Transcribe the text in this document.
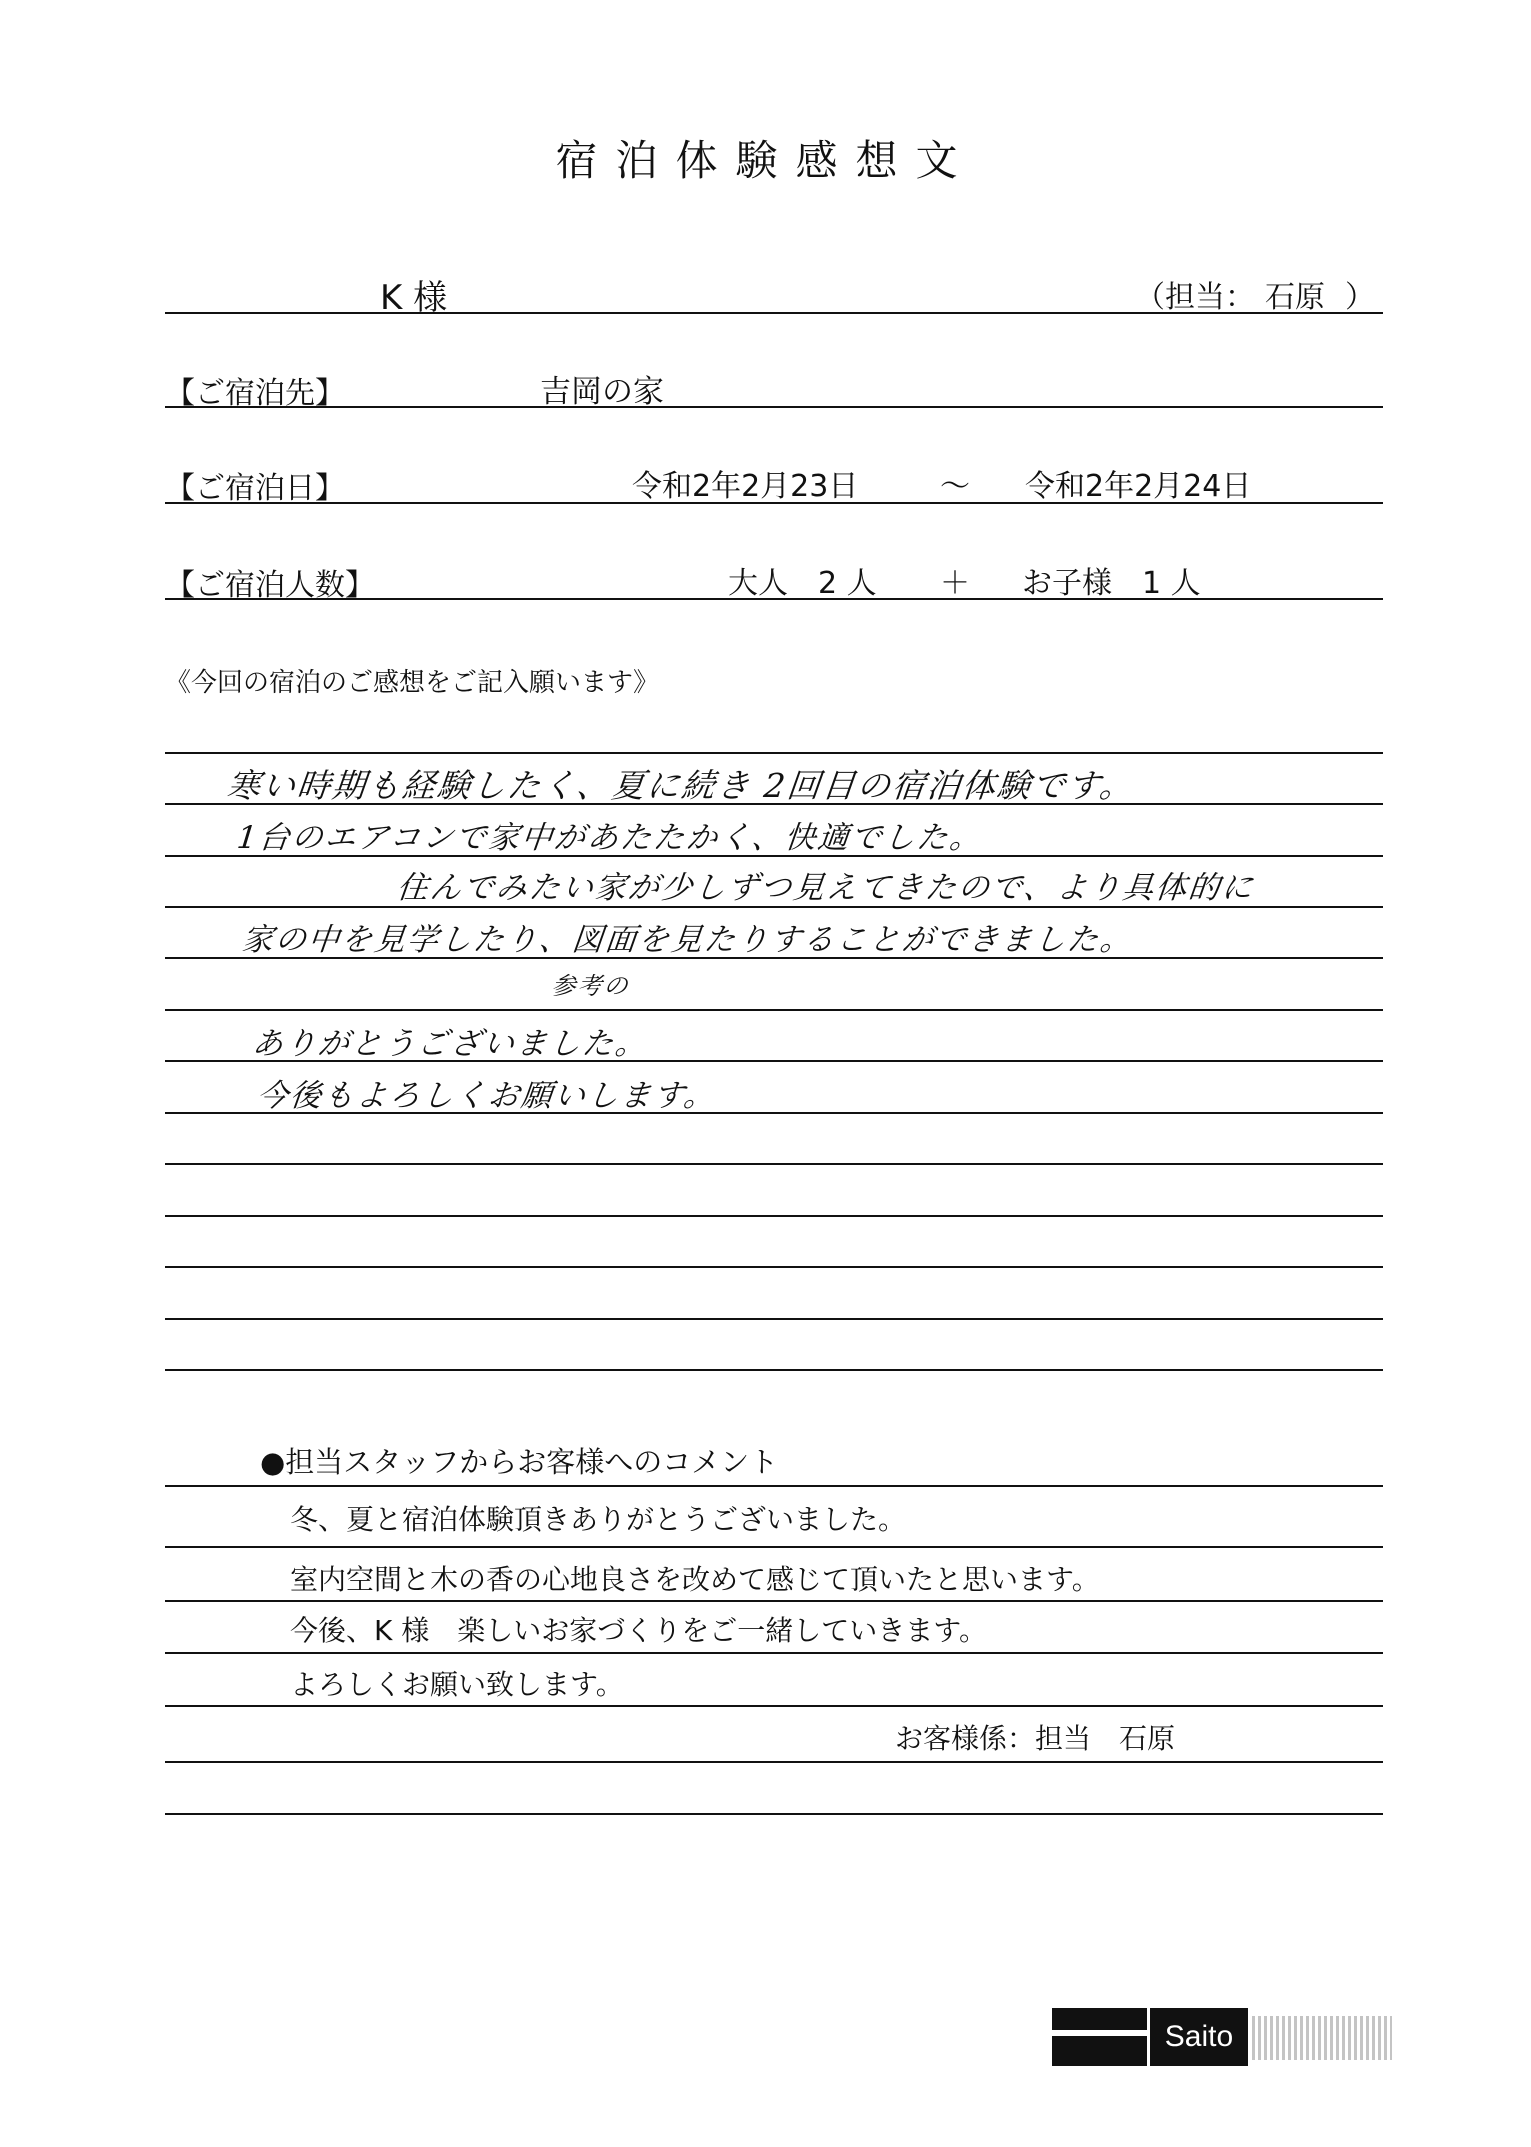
宿泊体験感想文
K 様	（担当： 石原 ）
【ご宿泊先】	吉岡の家
【ご宿泊日】	令和2年2月23日	～ 令和2年2月24日
【ご宿泊人数】	大人　2 人 ＋ お子様　1 人
《今回の宿泊のご感想をご記入願います》
寒い時期も経験したく、夏に続き 2回目の宿泊体験です。
1台のエアコンで家中があたたかく、快適でした。
住んでみたい家が少しずつ見えてきたので、より具体的に
家の中を見学したり、図面を見たりすることができました。
参考の
ありがとうございました。
今後もよろしくお願いします。
●担当スタッフからお客様へのコメント
冬、夏と宿泊体験頂きありがとうございました。
室内空間と木の香の心地良さを改めて感じて頂いたと思います。
今後、K 様　楽しいお家づくりをご一緒していきます。
よろしくお願い致します。
お客様係：担当　石原
Saito
